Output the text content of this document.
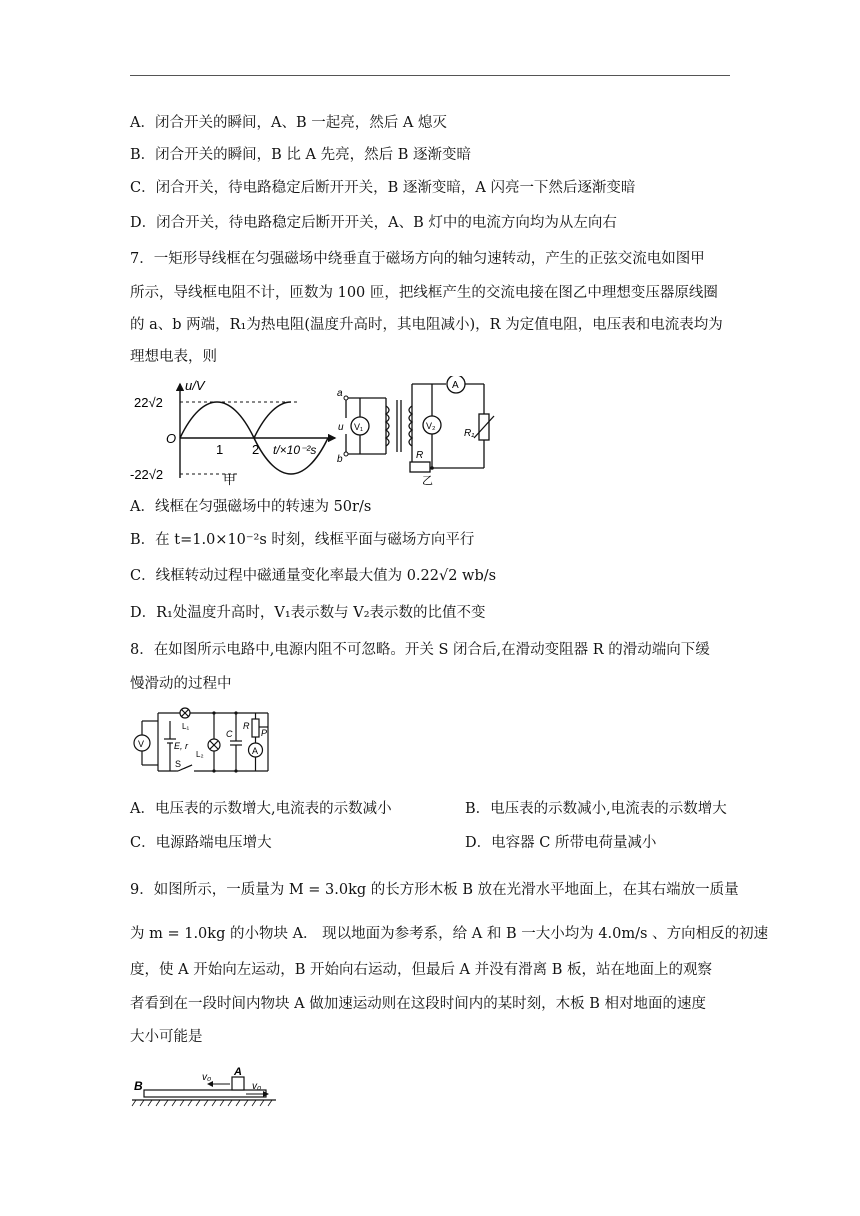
A．闭合开关的瞬间，A、B 一起亮，然后 A 熄灭
B．闭合开关的瞬间，B 比 A 先亮，然后 B 逐渐变暗
C．闭合开关，待电路稳定后断开开关，B 逐渐变暗，A 闪亮一下然后逐渐变暗
D．闭合开关，待电路稳定后断开开关，A、B 灯中的电流方向均为从左向右
7．一矩形导线框在匀强磁场中绕垂直于磁场方向的轴匀速转动，产生的正弦交流电如图甲
所示，导线框电阻不计，匝数为 100 匝，把线框产生的交流电接在图乙中理想变压器原线圈
的 a、b 两端，R₁为热电阻(温度升高时，其电阻减小)，R 为定值电阻，电压表和电流表均为
理想电表，则
u/V
22√2
-22√2
O
1 2 t/×10⁻²s
甲
a
b
u V₁	V₂
A
R₁
R
乙
A．线框在匀强磁场中的转速为 50r/s
B．在 t=1.0×10⁻²s 时刻，线框平面与磁场方向平行
C．线框转动过程中磁通量变化率最大值为 0.22√2 wb/s
D．R₁处温度升高时，V₁表示数与 V₂表示数的比值不变
8．在如图所示电路中,电源内阻不可忽略。开关 S 闭合后,在滑动变阻器 R 的滑动端向下缓
慢滑动的过程中
V
L₁
E, r
L₂
S
C
R
P
A
A．电压表的示数增大,电流表的示数减小	B．电压表的示数减小,电流表的示数增大
C．电源路端电压增大	D．电容器 C 所带电荷量减小
9．如图所示，一质量为 M = 3.0kg 的长方形木板 B 放在光滑水平地面上，在其右端放一质量
为 m = 1.0kg 的小物块 A． 现以地面为参考系，给 A 和 B 一大小均为 4.0m/s 、方向相反的初速
度，使 A 开始向左运动，B 开始向右运动，但最后 A 并没有滑离 B 板，站在地面上的观察
者看到在一段时间内物块 A 做加速运动则在这段时间内的某时刻，木板 B 相对地面的速度
大小可能是
B
A
v₀
v₀
